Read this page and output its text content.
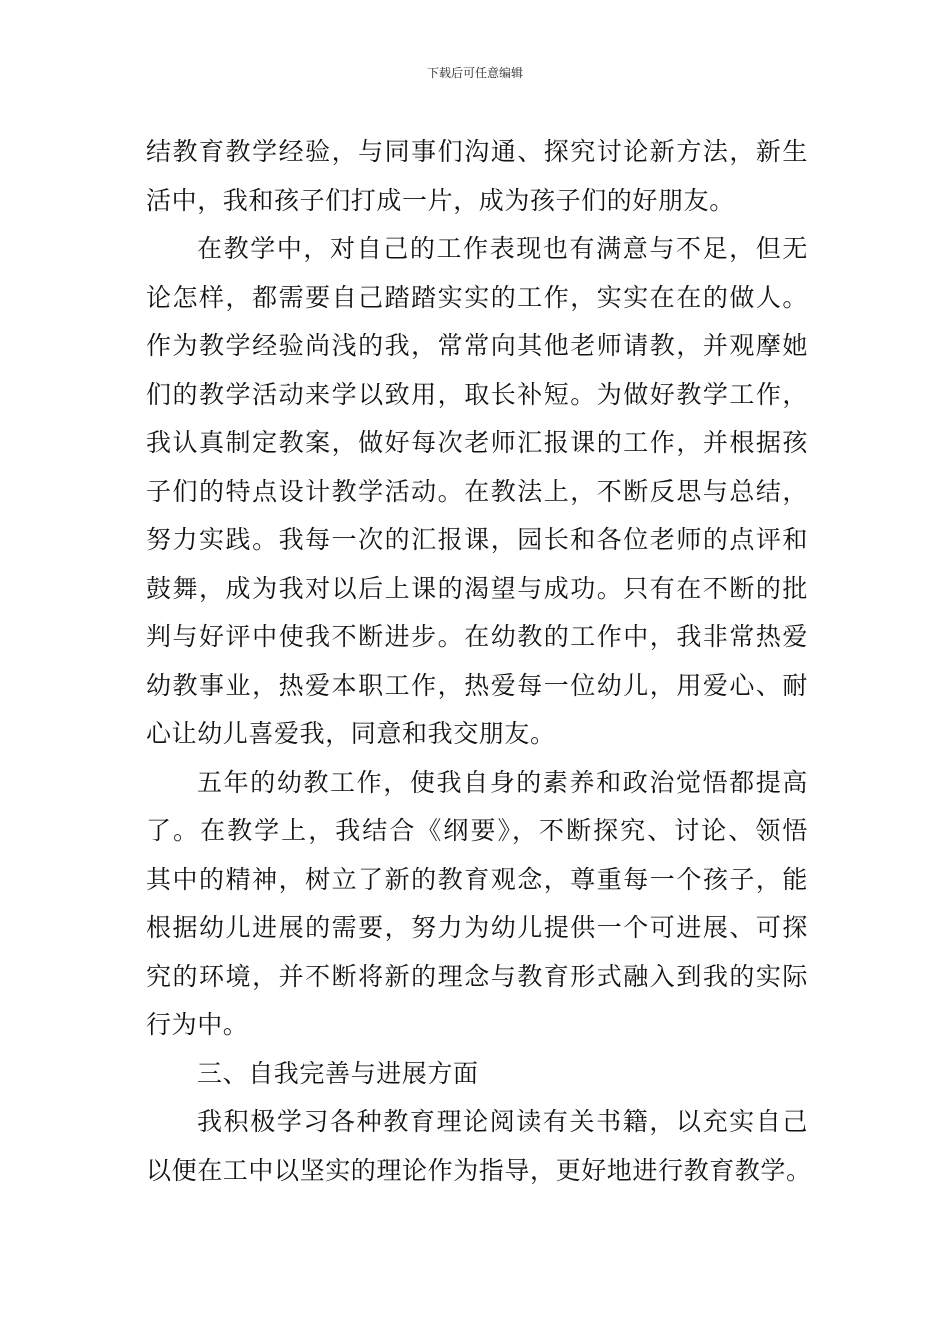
下载后可任意编辑
结教育教学经验，与同事们沟通、探究讨论新方法，新生
活中，我和孩子们打成一片，成为孩子们的好朋友。
在教学中，对自己的工作表现也有满意与不足，但无
论怎样，都需要自己踏踏实实的工作，实实在在的做人。
作为教学经验尚浅的我，常常向其他老师请教，并观摩她
们的教学活动来学以致用，取长补短。为做好教学工作，
我认真制定教案，做好每次老师汇报课的工作，并根据孩
子们的特点设计教学活动。在教法上，不断反思与总结，
努力实践。我每一次的汇报课，园长和各位老师的点评和
鼓舞，成为我对以后上课的渴望与成功。只有在不断的批
判与好评中使我不断进步。在幼教的工作中，我非常热爱
幼教事业，热爱本职工作，热爱每一位幼儿，用爱心、耐
心让幼儿喜爱我，同意和我交朋友。
五年的幼教工作，使我自身的素养和政治觉悟都提高
了。在教学上，我结合《纲要》，不断探究、讨论、领悟
其中的精神，树立了新的教育观念，尊重每一个孩子，能
根据幼儿进展的需要，努力为幼儿提供一个可进展、可探
究的环境，并不断将新的理念与教育形式融入到我的实际
行为中。
三、自我完善与进展方面
我积极学习各种教育理论阅读有关书籍，以充实自己
以便在工中以坚实的理论作为指导，更好地进行教育教学。
